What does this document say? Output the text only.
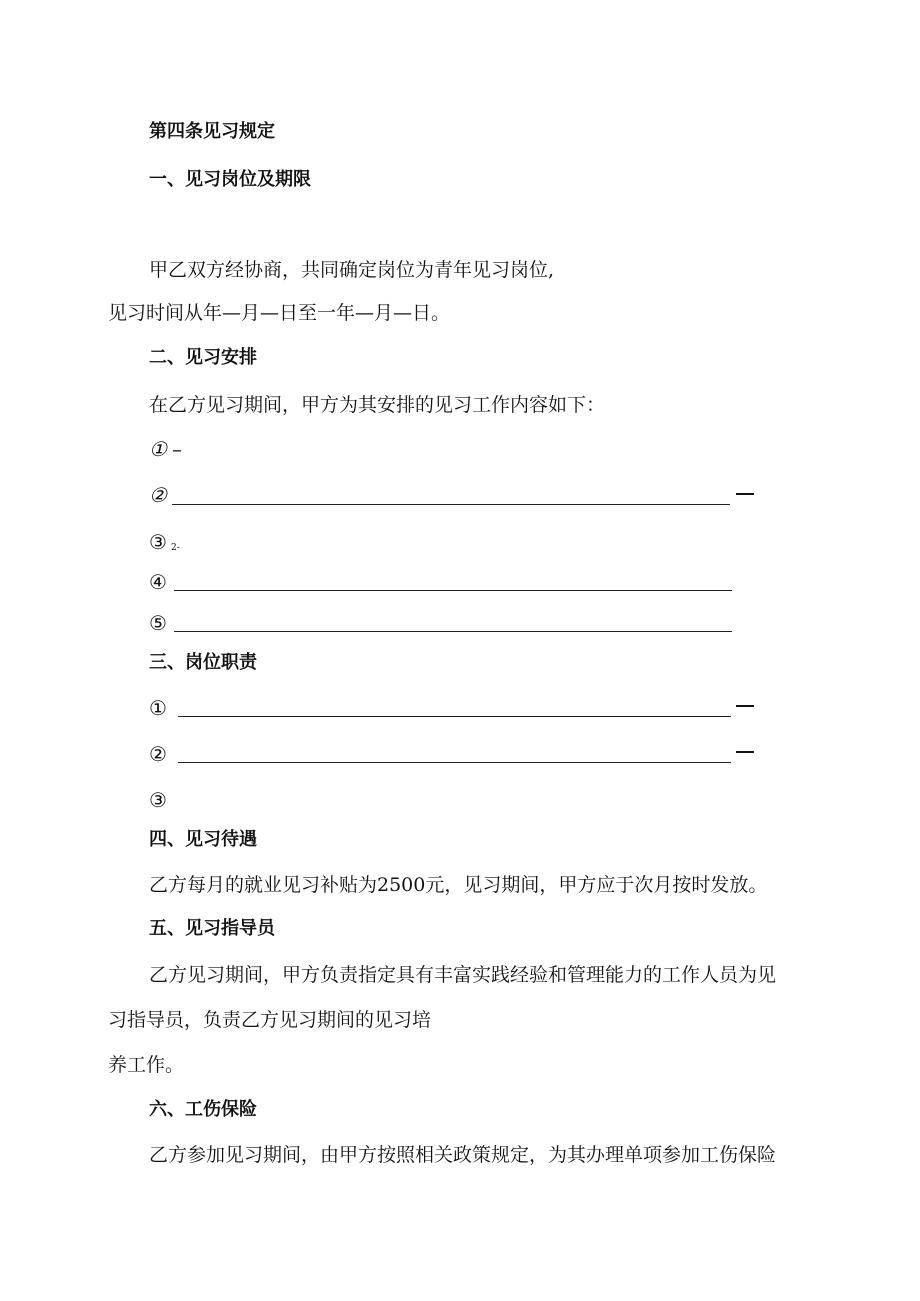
第四条见习规定
一、见习岗位及期限
甲乙双方经协商，共同确定岗位为青年见习岗位,
见习时间从年—月—日至一年—月—日。
二、见习安排
在乙方见习期间，甲方为其安排的见习工作内容如下：
① –
②
③ 2-
④
⑤
三、岗位职责
①
②
③
四、见习待遇
乙方每月的就业见习补贴为2500元，见习期间，甲方应于次月按时发放。
五、见习指导员
乙方见习期间，甲方负责指定具有丰富实践经验和管理能力的工作人员为见
习指导员，负责乙方见习期间的见习培
养工作。
六、工伤保险
乙方参加见习期间，由甲方按照相关政策规定，为其办理单项参加工伤保险
